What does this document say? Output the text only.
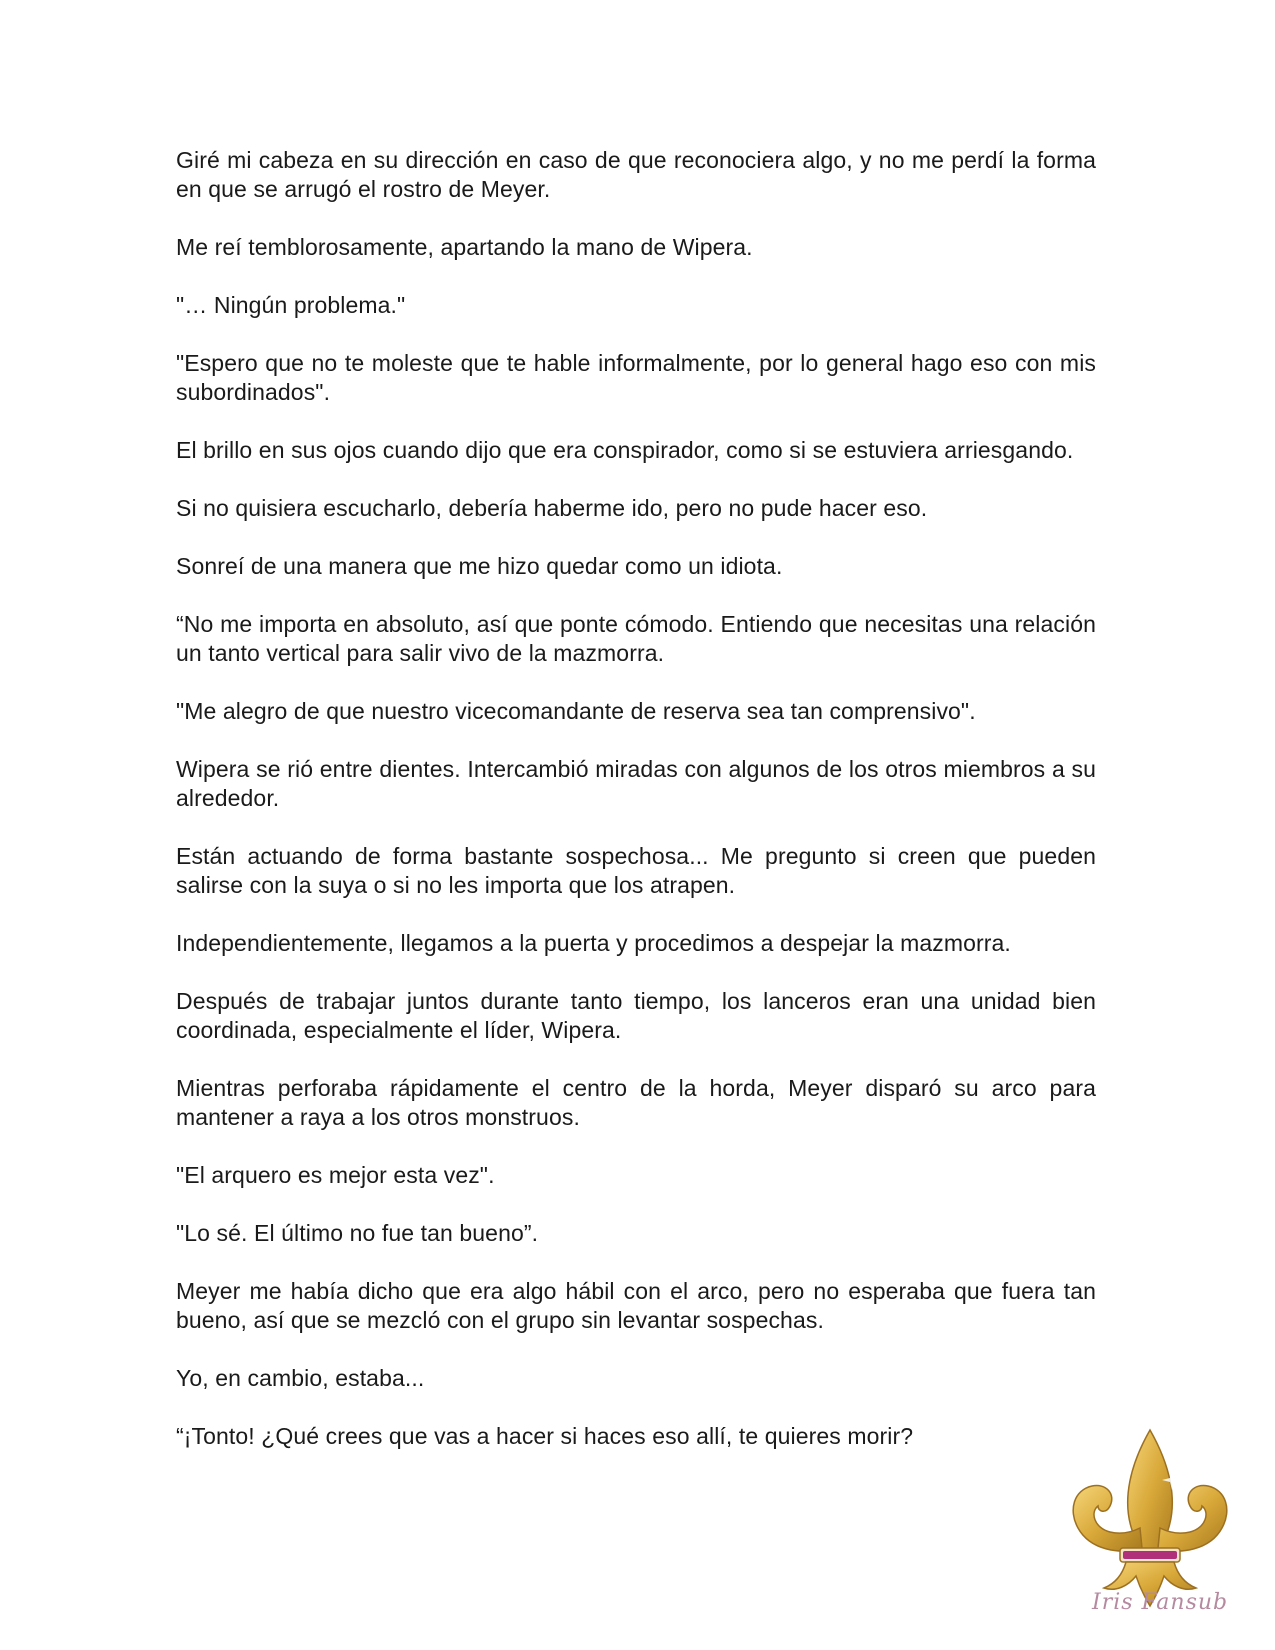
Giré mi cabeza en su dirección en caso de que reconociera algo, y no me perdí la forma en que se arrugó el rostro de Meyer.

Me reí temblorosamente, apartando la mano de Wipera.

"… Ningún problema."

"Espero que no te moleste que te hable informalmente, por lo general hago eso con mis subordinados".

El brillo en sus ojos cuando dijo que era conspirador, como si se estuviera arriesgando.

Si no quisiera escucharlo, debería haberme ido, pero no pude hacer eso.

Sonreí de una manera que me hizo quedar como un idiota.

“No me importa en absoluto, así que ponte cómodo. Entiendo que necesitas una relación un tanto vertical para salir vivo de la mazmorra.

"Me alegro de que nuestro vicecomandante de reserva sea tan comprensivo".

Wipera se rió entre dientes. Intercambió miradas con algunos de los otros miembros a su alrededor.

Están actuando de forma bastante sospechosa... Me pregunto si creen que pueden salirse con la suya o si no les importa que los atrapen.

Independientemente, llegamos a la puerta y procedimos a despejar la mazmorra.

Después de trabajar juntos durante tanto tiempo, los lanceros eran una unidad bien coordinada, especialmente el líder, Wipera.

Mientras perforaba rápidamente el centro de la horda, Meyer disparó su arco para mantener a raya a los otros monstruos.

"El arquero es mejor esta vez".

"Lo sé. El último no fue tan bueno”.

Meyer me había dicho que era algo hábil con el arco, pero no esperaba que fuera tan bueno, así que se mezcló con el grupo sin levantar sospechas.

Yo, en cambio, estaba...

“¡Tonto! ¿Qué crees que vas a hacer si haces eso allí, te quieres morir?

Iris Fansub
